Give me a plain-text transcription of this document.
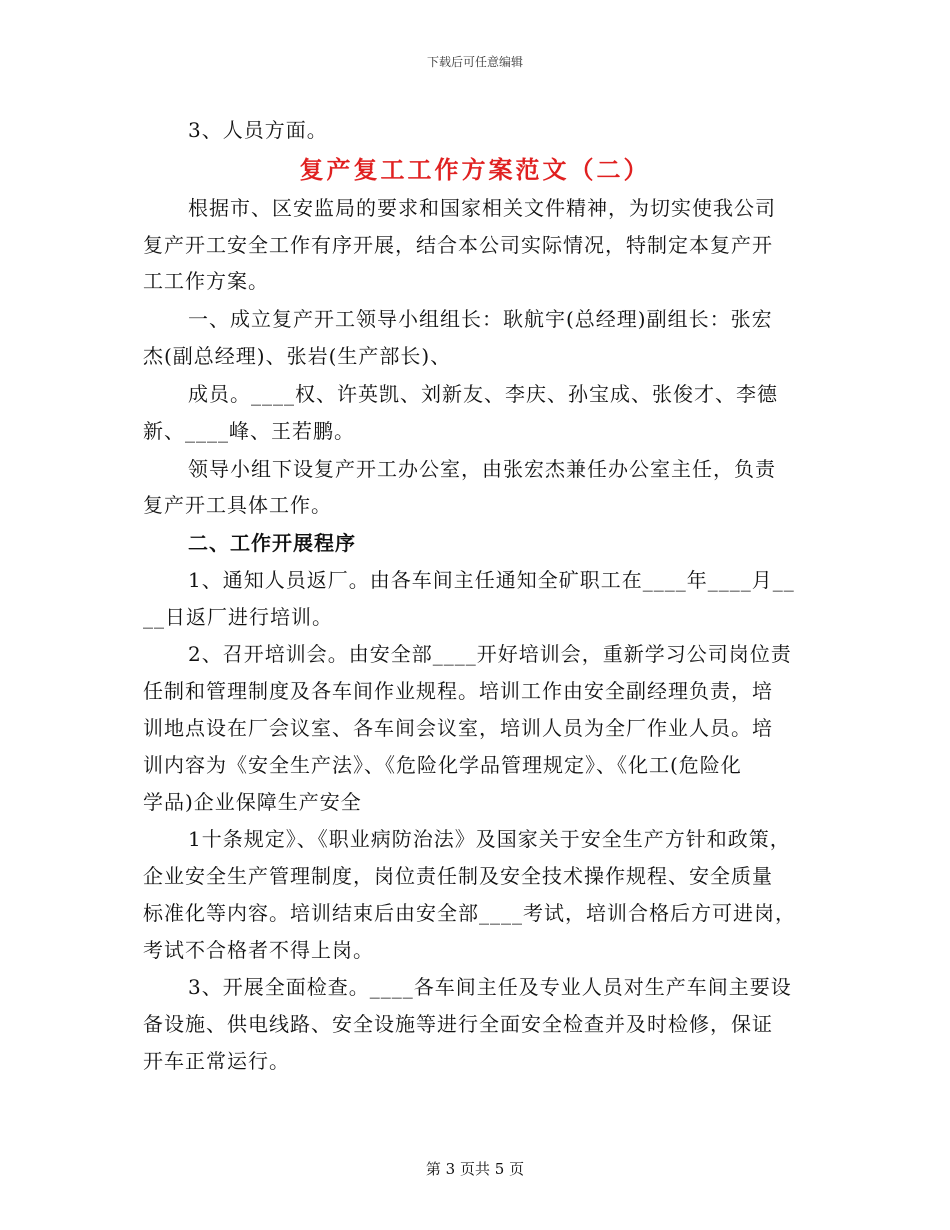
下载后可任意编辑
3、人员方面。
复产复工工作方案范文（二）
根据市、区安监局的要求和国家相关文件精神，为切实使我公司
复产开工安全工作有序开展，结合本公司实际情况，特制定本复产开
工工作方案。
一、成立复产开工领导小组组长：耿航宇(总经理)副组长：张宏
杰(副总经理)、张岩(生产部长)、
成员。____权、许英凯、刘新友、李庆、孙宝成、张俊才、李德
新、____峰、王若鹏。
领导小组下设复产开工办公室，由张宏杰兼任办公室主任，负责
复产开工具体工作。
二、工作开展程序
1、通知人员返厂。由各车间主任通知全矿职工在____年____月__
__日返厂进行培训。
2、召开培训会。由安全部____开好培训会，重新学习公司岗位责
任制和管理制度及各车间作业规程。培训工作由安全副经理负责，培
训地点设在厂会议室、各车间会议室，培训人员为全厂作业人员。培
训内容为《安全生产法》、《危险化学品管理规定》、《化工(危险化
学品)企业保障生产安全
1十条规定》、《职业病防治法》及国家关于安全生产方针和政策，
企业安全生产管理制度，岗位责任制及安全技术操作规程、安全质量
标准化等内容。培训结束后由安全部____考试，培训合格后方可进岗，
考试不合格者不得上岗。
3、开展全面检查。____各车间主任及专业人员对生产车间主要设
备设施、供电线路、安全设施等进行全面安全检查并及时检修，保证
开车正常运行。
第 3 页共 5 页
